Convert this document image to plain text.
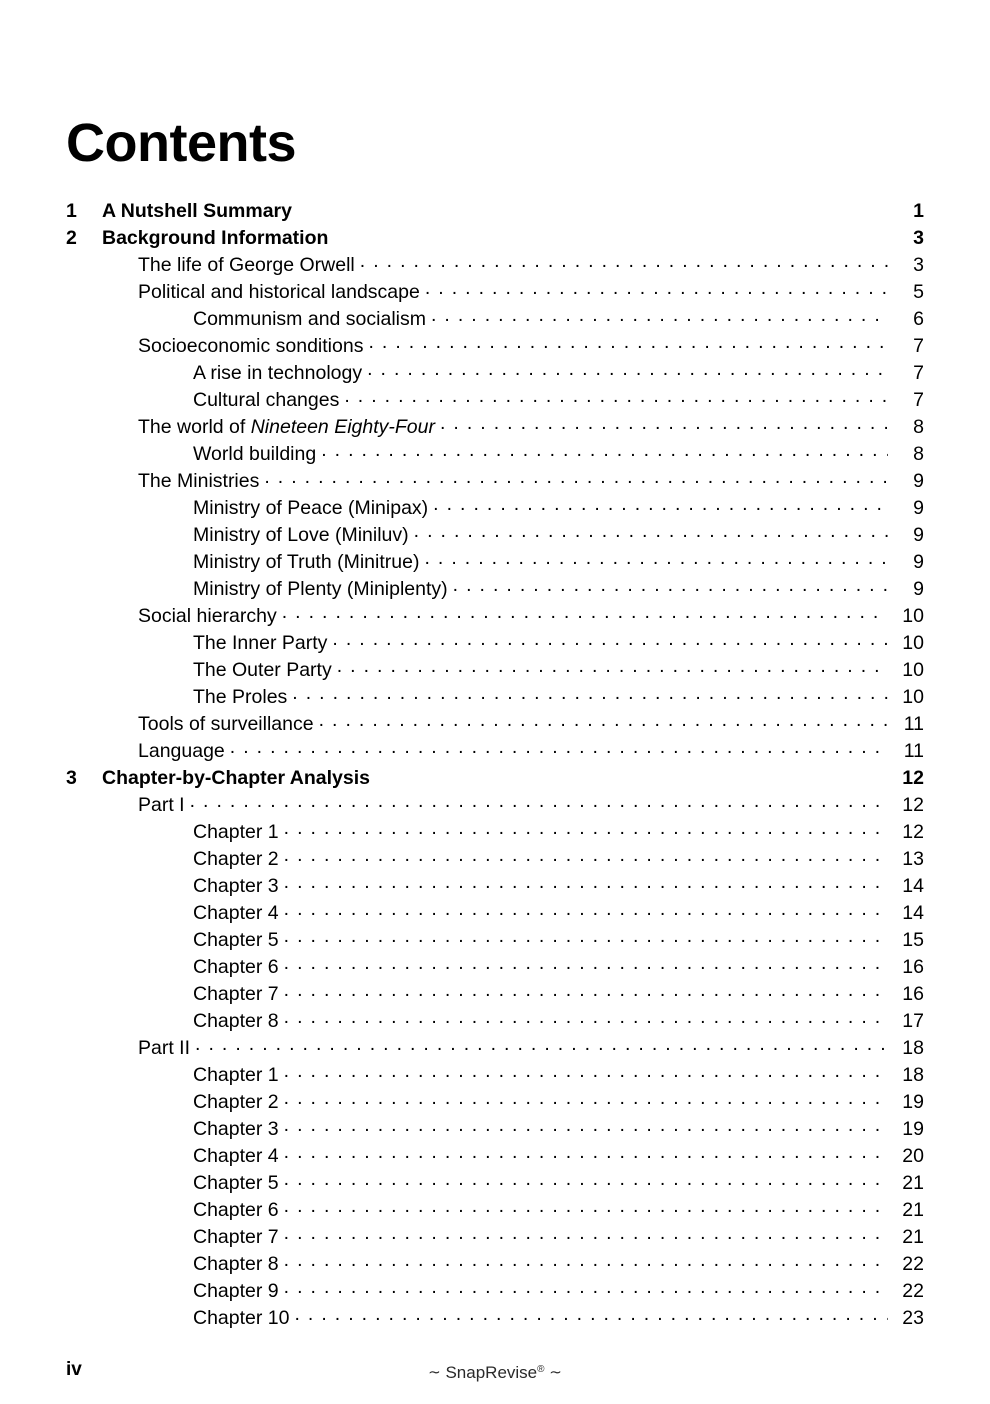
Contents
1	A Nutshell Summary	1
2	Background Information	3
The life of George Orwell . . .	3
Political and historical landscape . . .	5
Communism and socialism . . .	6
Socioeconomic sonditions . . .	7
A rise in technology . . .	7
Cultural changes . . .	7
The world of Nineteen Eighty-Four . . .	8
World building . . .	8
The Ministries . . .	9
Ministry of Peace (Minipax) . . .	9
Ministry of Love (Miniluv) . . .	9
Ministry of Truth (Minitrue) . . .	9
Ministry of Plenty (Miniplenty) . . .	9
Social hierarchy . . .	10
The Inner Party . . .	10
The Outer Party . . .	10
The Proles . . .	10
Tools of surveillance . . .	11
Language . . .	11
3	Chapter-by-Chapter Analysis	12
Part I . . .	12
Chapter 1 . . .	12
Chapter 2 . . .	13
Chapter 3 . . .	14
Chapter 4 . . .	14
Chapter 5 . . .	15
Chapter 6 . . .	16
Chapter 7 . . .	16
Chapter 8 . . .	17
Part II . . .	18
Chapter 1 . . .	18
Chapter 2 . . .	19
Chapter 3 . . .	19
Chapter 4 . . .	20
Chapter 5 . . .	21
Chapter 6 . . .	21
Chapter 7 . . .	21
Chapter 8 . . .	22
Chapter 9 . . .	22
Chapter 10 . . .	23
iv	∼ SnapRevise® ∼
